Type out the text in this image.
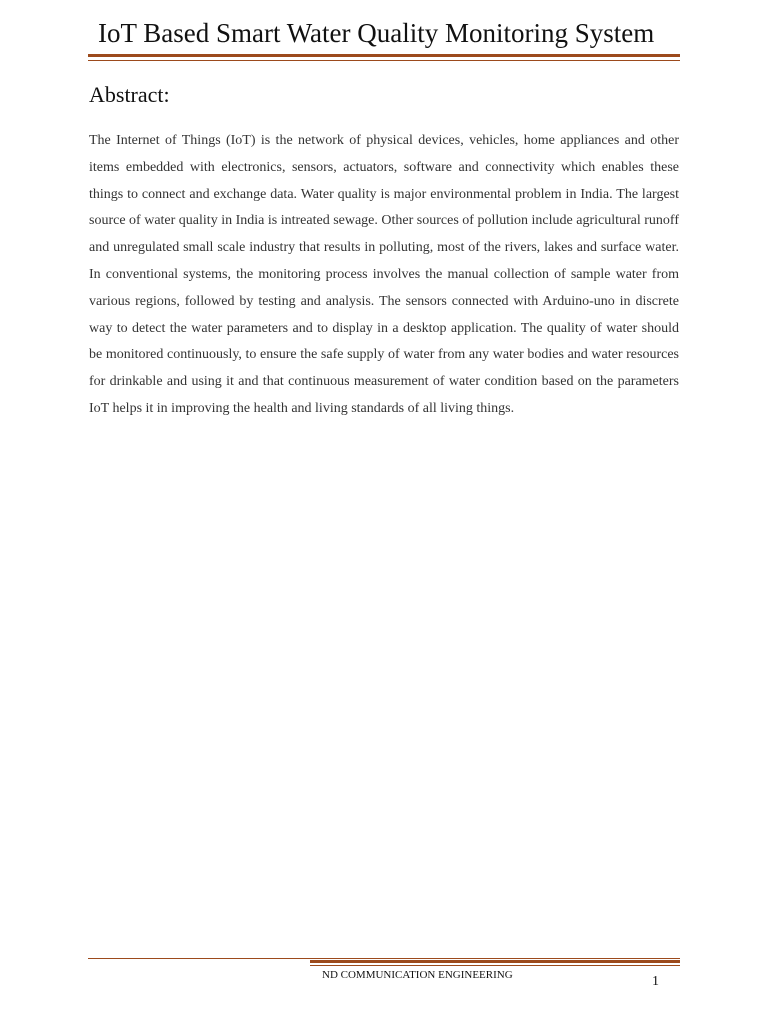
IoT Based Smart Water Quality Monitoring System
Abstract:

The Internet of Things (IoT) is the network of physical devices, vehicles, home appliances and other items embedded with electronics, sensors, actuators, software and connectivity which enables these things to connect and exchange data. Water quality is major environmental problem in India. The largest source of water quality in India is intreated sewage. Other sources of pollution include agricultural runoff and unregulated small scale industry that results in polluting, most of the rivers, lakes and surface water. In conventional systems, the monitoring process involves the manual collection of sample water from various regions, followed by testing and analysis. The sensors connected with Arduino-uno in discrete way to detect the water parameters and to display in a desktop application. The quality of water should be monitored continuously, to ensure the safe supply of water from any water bodies and water resources for drinkable and using it and that continuous measurement of water condition based on the parameters IoT helps it in improving the health and living standards of all living things.

ND COMMUNICATION ENGINEERING	1
